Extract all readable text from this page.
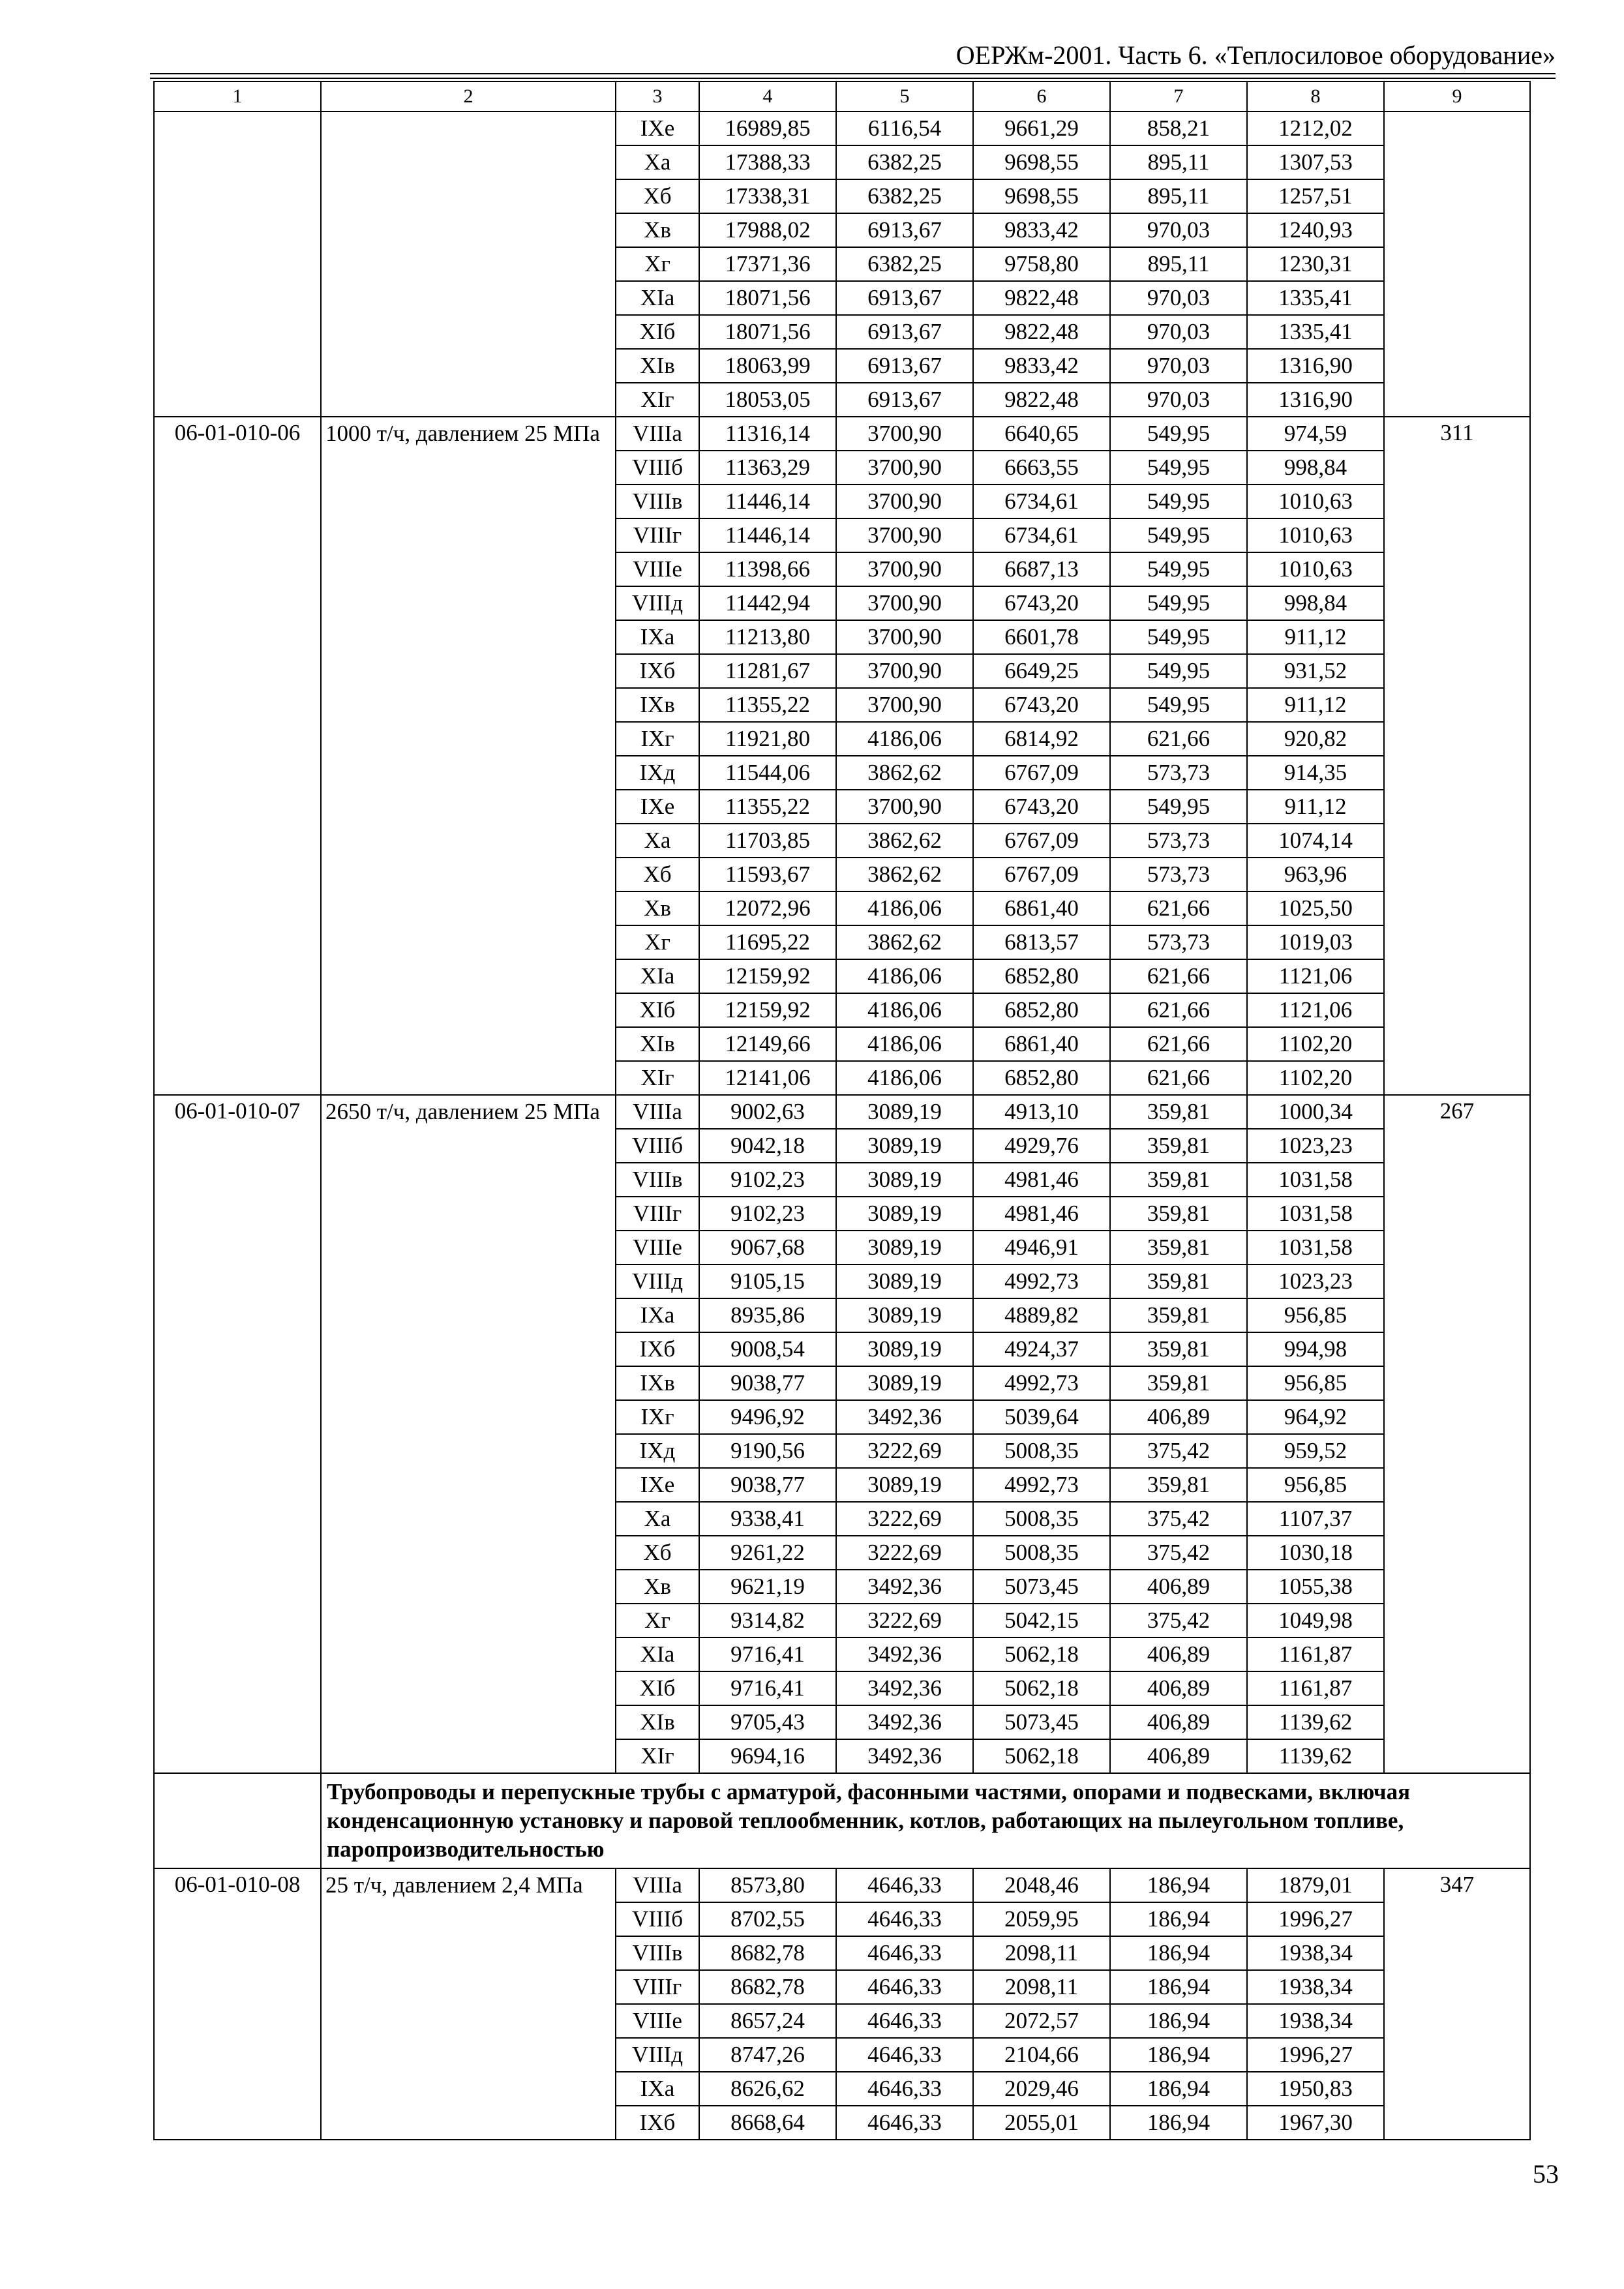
ОЕРЖм-2001. Часть 6. «Теплосиловое оборудование»
1	2	3	4	5	6	7	8	9
		IXе	16989,85	6116,54	9661,29	858,21	1212,02	
		Xа	17388,33	6382,25	9698,55	895,11	1307,53	
		Xб	17338,31	6382,25	9698,55	895,11	1257,51	
		Xв	17988,02	6913,67	9833,42	970,03	1240,93	
		Xг	17371,36	6382,25	9758,80	895,11	1230,31	
		XIа	18071,56	6913,67	9822,48	970,03	1335,41	
		XIб	18071,56	6913,67	9822,48	970,03	1335,41	
		XIв	18063,99	6913,67	9833,42	970,03	1316,90	
		XIг	18053,05	6913,67	9822,48	970,03	1316,90	
06-01-010-06	1000 т/ч, давлением 25 МПа	VIIIа	11316,14	3700,90	6640,65	549,95	974,59	311
		VIIIб	11363,29	3700,90	6663,55	549,95	998,84	
		VIIIв	11446,14	3700,90	6734,61	549,95	1010,63	
		VIIIг	11446,14	3700,90	6734,61	549,95	1010,63	
		VIIIе	11398,66	3700,90	6687,13	549,95	1010,63	
		VIIIд	11442,94	3700,90	6743,20	549,95	998,84	
		IXа	11213,80	3700,90	6601,78	549,95	911,12	
		IXб	11281,67	3700,90	6649,25	549,95	931,52	
		IXв	11355,22	3700,90	6743,20	549,95	911,12	
		IXг	11921,80	4186,06	6814,92	621,66	920,82	
		IXд	11544,06	3862,62	6767,09	573,73	914,35	
		IXе	11355,22	3700,90	6743,20	549,95	911,12	
		Xа	11703,85	3862,62	6767,09	573,73	1074,14	
		Xб	11593,67	3862,62	6767,09	573,73	963,96	
		Xв	12072,96	4186,06	6861,40	621,66	1025,50	
		Xг	11695,22	3862,62	6813,57	573,73	1019,03	
		XIа	12159,92	4186,06	6852,80	621,66	1121,06	
		XIб	12159,92	4186,06	6852,80	621,66	1121,06	
		XIв	12149,66	4186,06	6861,40	621,66	1102,20	
		XIг	12141,06	4186,06	6852,80	621,66	1102,20	
06-01-010-07	2650 т/ч, давлением 25 МПа	VIIIа	9002,63	3089,19	4913,10	359,81	1000,34	267
		VIIIб	9042,18	3089,19	4929,76	359,81	1023,23	
		VIIIв	9102,23	3089,19	4981,46	359,81	1031,58	
		VIIIг	9102,23	3089,19	4981,46	359,81	1031,58	
		VIIIе	9067,68	3089,19	4946,91	359,81	1031,58	
		VIIIд	9105,15	3089,19	4992,73	359,81	1023,23	
		IXа	8935,86	3089,19	4889,82	359,81	956,85	
		IXб	9008,54	3089,19	4924,37	359,81	994,98	
		IXв	9038,77	3089,19	4992,73	359,81	956,85	
		IXг	9496,92	3492,36	5039,64	406,89	964,92	
		IXд	9190,56	3222,69	5008,35	375,42	959,52	
		IXе	9038,77	3089,19	4992,73	359,81	956,85	
		Xа	9338,41	3222,69	5008,35	375,42	1107,37	
		Xб	9261,22	3222,69	5008,35	375,42	1030,18	
		Xв	9621,19	3492,36	5073,45	406,89	1055,38	
		Xг	9314,82	3222,69	5042,15	375,42	1049,98	
		XIа	9716,41	3492,36	5062,18	406,89	1161,87	
		XIб	9716,41	3492,36	5062,18	406,89	1161,87	
		XIв	9705,43	3492,36	5073,45	406,89	1139,62	
		XIг	9694,16	3492,36	5062,18	406,89	1139,62	
	Трубопроводы и перепускные трубы с арматурой, фасонными частями, опорами и подвесками, включая конденсационную установку и паровой теплообменник, котлов, работающих на пылеугольном топливе, паропроизводительностью							
06-01-010-08	25 т/ч, давлением 2,4 МПа	VIIIа	8573,80	4646,33	2048,46	186,94	1879,01	347
		VIIIб	8702,55	4646,33	2059,95	186,94	1996,27	
		VIIIв	8682,78	4646,33	2098,11	186,94	1938,34	
		VIIIг	8682,78	4646,33	2098,11	186,94	1938,34	
		VIIIе	8657,24	4646,33	2072,57	186,94	1938,34	
		VIIIд	8747,26	4646,33	2104,66	186,94	1996,27	
		IXа	8626,62	4646,33	2029,46	186,94	1950,83	
		IXб	8668,64	4646,33	2055,01	186,94	1967,30	
53
